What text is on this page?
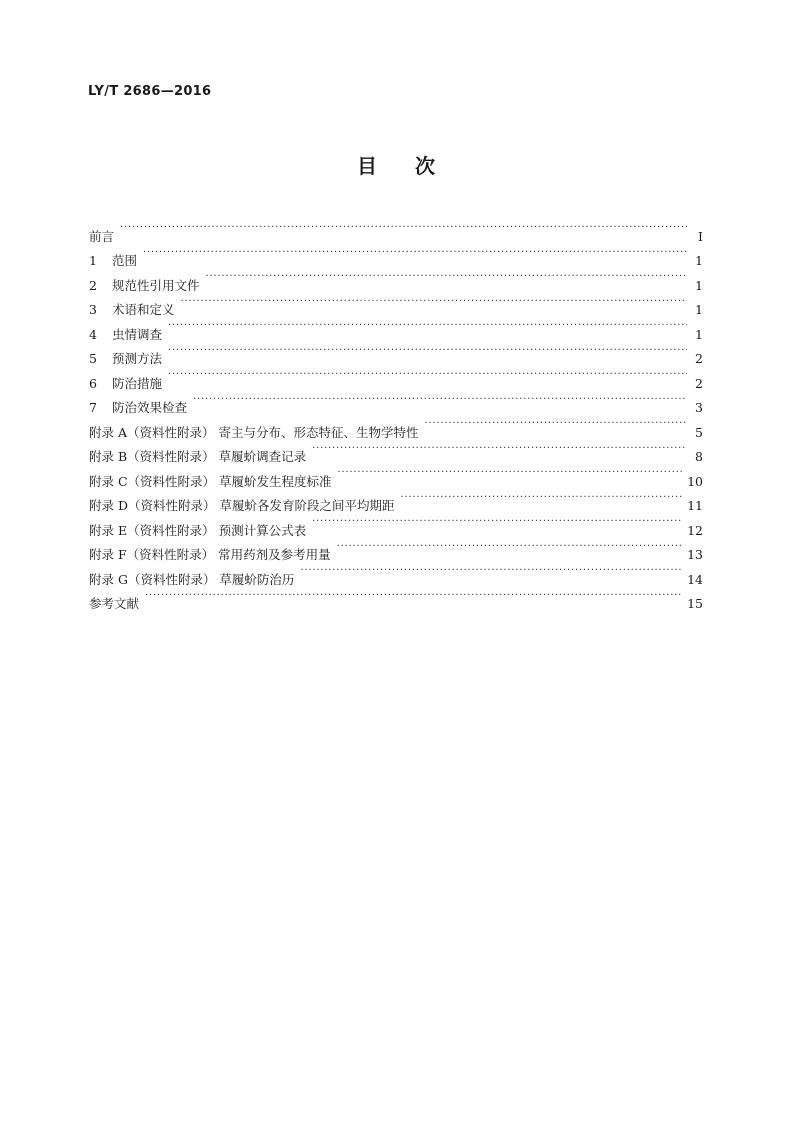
LY/T 2686—2016
目 次
前言 ·····	Ⅰ
1	范围 ·····	1
2	规范性引用文件 ·····	1
3	术语和定义 ·····	1
4	虫情调查 ·····	1
5	预测方法 ·····	2
6	防治措施 ·····	2
7	防治效果检查 ·····	3
附录 A（资料性附录） 寄主与分布、形态特征、生物学特性 ·····	5
附录 B（资料性附录） 草履蚧调查记录 ·····	8
附录 C（资料性附录） 草履蚧发生程度标准 ·····	10
附录 D（资料性附录） 草履蚧各发育阶段之间平均期距 ·····	11
附录 E（资料性附录） 预测计算公式表 ·····	12
附录 F（资料性附录） 常用药剂及参考用量 ·····	13
附录 G（资料性附录） 草履蚧防治历 ·····	14
参考文献 ·····	15
